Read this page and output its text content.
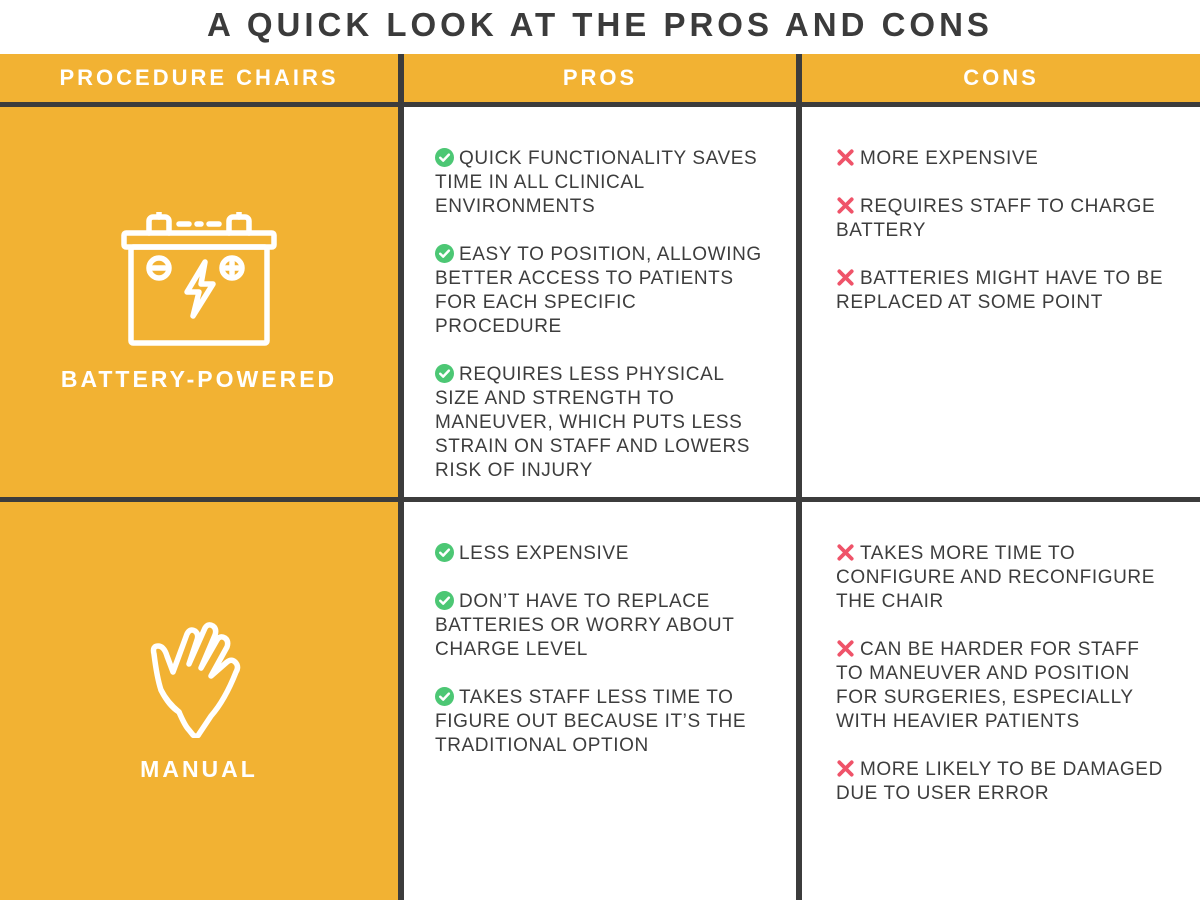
A QUICK LOOK AT THE PROS AND CONS
PROCEDURE CHAIRS	PROS	CONS
BATTERY-POWERED
QUICK FUNCTIONALITY SAVES TIME IN ALL CLINICAL ENVIRONMENTS
EASY TO POSITION, ALLOWING BETTER ACCESS TO PATIENTS FOR EACH SPECIFIC PROCEDURE
REQUIRES LESS PHYSICAL SIZE AND STRENGTH TO MANEUVER, WHICH PUTS LESS STRAIN ON STAFF AND LOWERS RISK OF INJURY
MORE EXPENSIVE
REQUIRES STAFF TO CHARGE BATTERY
BATTERIES MIGHT HAVE TO BE REPLACED AT SOME POINT
MANUAL
LESS EXPENSIVE
DON’T HAVE TO REPLACE BATTERIES OR WORRY ABOUT CHARGE LEVEL
TAKES STAFF LESS TIME TO FIGURE OUT BECAUSE IT’S THE TRADITIONAL OPTION
TAKES MORE TIME TO CONFIGURE AND RECONFIGURE THE CHAIR
CAN BE HARDER FOR STAFF TO MANEUVER AND POSITION FOR SURGERIES, ESPECIALLY WITH HEAVIER PATIENTS
MORE LIKELY TO BE DAMAGED DUE TO USER ERROR
